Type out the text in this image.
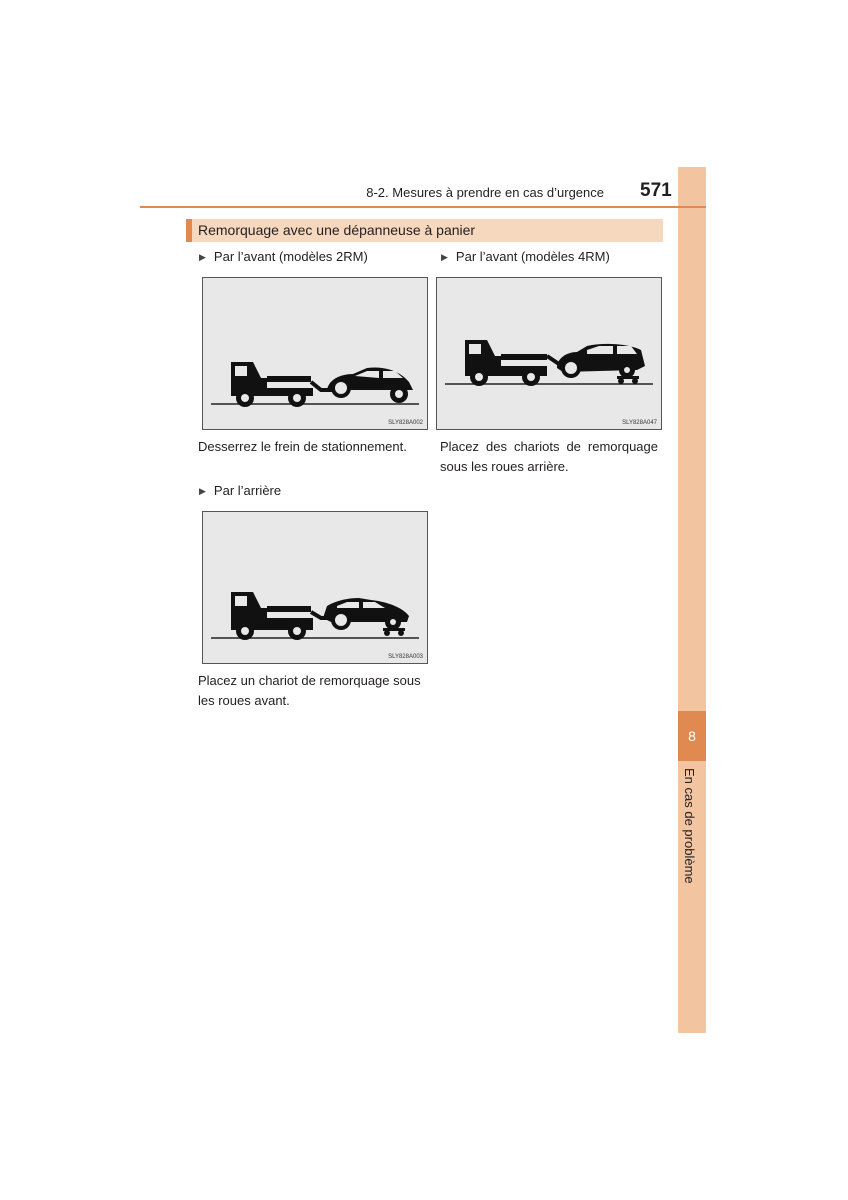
8
En cas de problème
8-2. Mesures à prendre en cas d’urgence 571
Remorquage avec une dépanneuse à panier
▶ Par l’avant (modèles 2RM)
SLY828A002
Desserrez le frein de stationnement.
▶ Par l’avant (modèles 4RM)
SLY828A047
Placez des chariots de remorquage sous les roues arrière.
▶ Par l’arrière
SLY828A003
Placez un chariot de remorquage sous les roues avant.
